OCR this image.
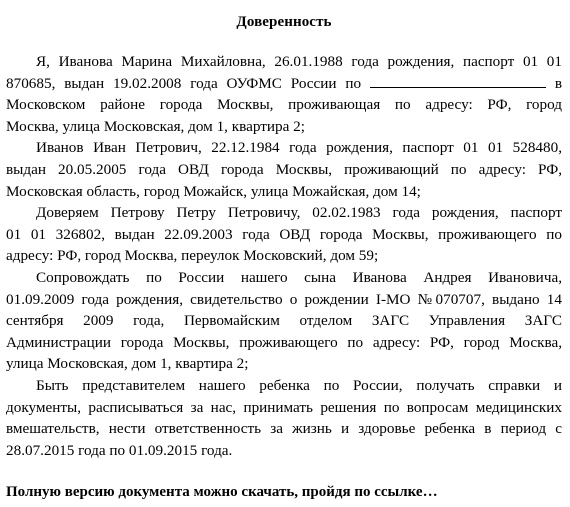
Доверенность
Я, Иванова Марина Михайловна, 26.01.1988 года рождения, паспорт 01 01
870685, выдан 19.02.2008 года ОУФМС России по	в
Московском районе города Москвы, проживающая по адресу: РФ, город
Москва, улица Московская, дом 1, квартира 2;
Иванов Иван Петрович, 22.12.1984 года рождения, паспорт 01 01 528480,
выдан 20.05.2005 года ОВД города Москвы, проживающий по адресу: РФ,
Московская область, город Можайск, улица Можайская, дом 14;
Доверяем Петрову Петру Петровичу, 02.02.1983 года рождения, паспорт
01 01 326802, выдан 22.09.2003 года ОВД города Москвы, проживающего по
адресу: РФ, город Москва, переулок Московский, дом 59;
Сопровождать по России нашего сына Иванова Андрея Ивановича,
01.09.2009 года рождения, свидетельство о рождении I-МО №070707, выдано 14
сентября 2009 года, Первомайским отделом ЗАГС Управления ЗАГС
Администрации города Москвы, проживающего по адресу: РФ, город Москва,
улица Московская, дом 1, квартира 2;
Быть представителем нашего ребенка по России, получать справки и
документы, расписываться за нас, принимать решения по вопросам медицинских
вмешательств, нести ответственность за жизнь и здоровье ребенка в период с
28.07.2015 года по 01.09.2015 года.
Полную версию документа можно скачать, пройдя по ссылке…
